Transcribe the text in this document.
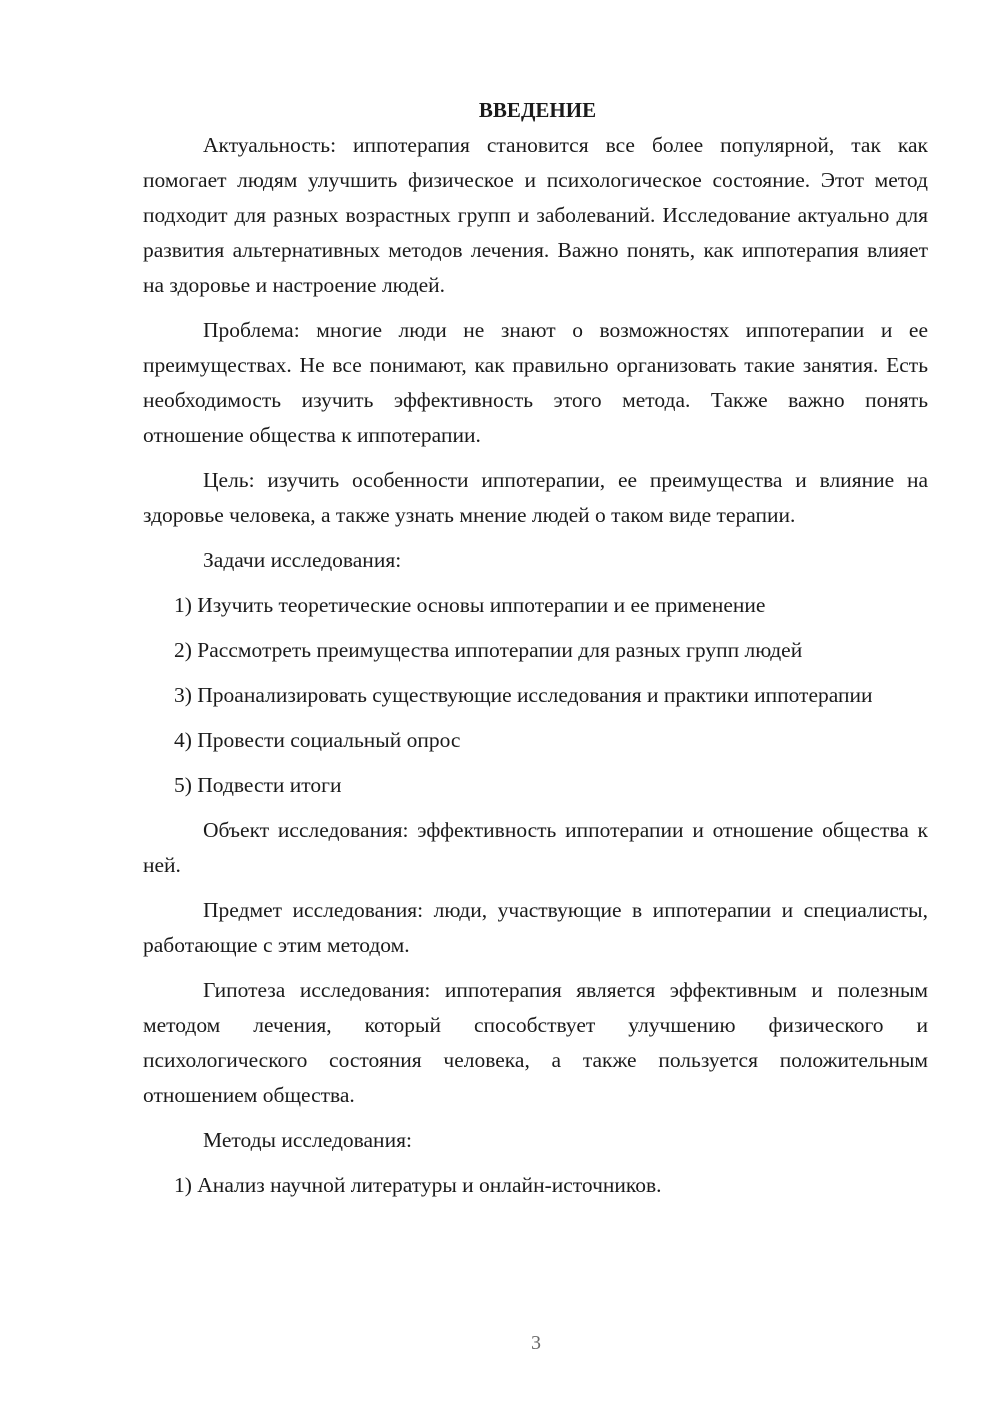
ВВЕДЕНИЕ

Актуальность: иппотерапия становится все более популярной, так как помогает людям улучшить физическое и психологическое состояние. Этот метод подходит для разных возрастных групп и заболеваний. Исследование актуально для развития альтернативных методов лечения. Важно понять, как иппотерапия влияет на здоровье и настроение людей.

Проблема: многие люди не знают о возможностях иппотерапии и ее преимуществах. Не все понимают, как правильно организовать такие занятия. Есть необходимость изучить эффективность этого метода. Также важно понять отношение общества к иппотерапии.

Цель: изучить особенности иппотерапии, ее преимущества и влияние на здоровье человека, а также узнать мнение людей о таком виде терапии.

Задачи исследования:

1) Изучить теоретические основы иппотерапии и ее применение

2) Рассмотреть преимущества иппотерапии для разных групп людей

3) Проанализировать существующие исследования и практики иппотерапии

4) Провести социальный опрос

5) Подвести итоги

Объект исследования: эффективность иппотерапии и отношение общества к ней.

Предмет исследования: люди, участвующие в иппотерапии и специалисты, работающие с этим методом.

Гипотеза исследования: иппотерапия является эффективным и полезным методом лечения, который способствует улучшению физического и психологического состояния человека, а также пользуется положительным отношением общества.

Методы исследования:

1) Анализ научной литературы и онлайн-источников.

3
